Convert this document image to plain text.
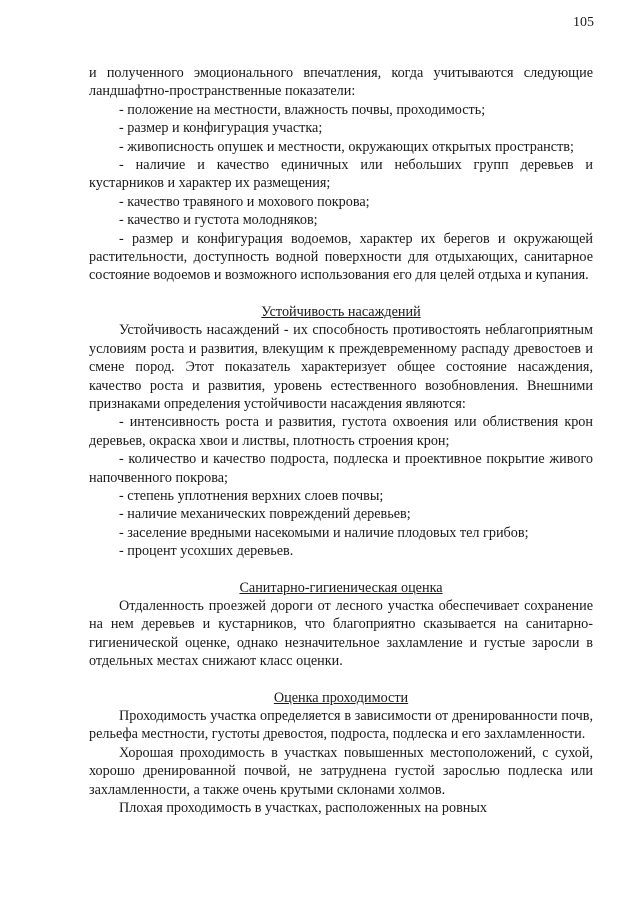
105

и полученного эмоционального впечатления, когда учитываются следующие ландшафтно-пространственные показатели:

- положение на местности, влажность почвы, проходимость;

- размер и конфигурация участка;

- живописность опушек и местности, окружающих открытых пространств;

- наличие и качество единичных или небольших групп деревьев и кустарников и характер их размещения;

- качество травяного и мохового покрова;

- качество и густота молодняков;

- размер и конфигурация водоемов, характер их берегов и окружающей растительности, доступность водной поверхности для отдыхающих, санитарное состояние водоемов и возможного использования его для целей отдыха и купания.

Устойчивость насаждений

Устойчивость насаждений - их способность противостоять неблагоприятным условиям роста и развития, влекущим к преждевременному распаду древостоев и смене пород. Этот показатель характеризует общее состояние насаждения, качество роста и развития, уровень естественного возобновления. Внешними признаками определения устойчивости насаждения являются:

- интенсивность роста и развития, густота охвоения или облиствения крон деревьев, окраска хвои и листвы, плотность строения крон;

- количество и качество подроста, подлеска и проективное покрытие живого напочвенного покрова;

- степень уплотнения верхних слоев почвы;

- наличие механических повреждений деревьев;

- заселение вредными насекомыми и наличие плодовых тел грибов;

- процент усохших деревьев.

Санитарно-гигиеническая оценка

Отдаленность проезжей дороги от лесного участка обеспечивает сохранение на нем деревьев и кустарников, что благоприятно сказывается на санитарно-гигиенической оценке, однако незначительное захламление и густые заросли в отдельных местах снижают класс оценки.

Оценка проходимости

Проходимость участка определяется в зависимости от дренированности почв, рельефа местности, густоты древостоя, подроста, подлеска и его захламленности.

Хорошая проходимость в участках повышенных местоположений, с сухой, хорошо дренированной почвой, не затруднена густой зарослью подлеска или захламленности, а также очень крутыми склонами холмов.

Плохая проходимость в участках, расположенных на ровных
